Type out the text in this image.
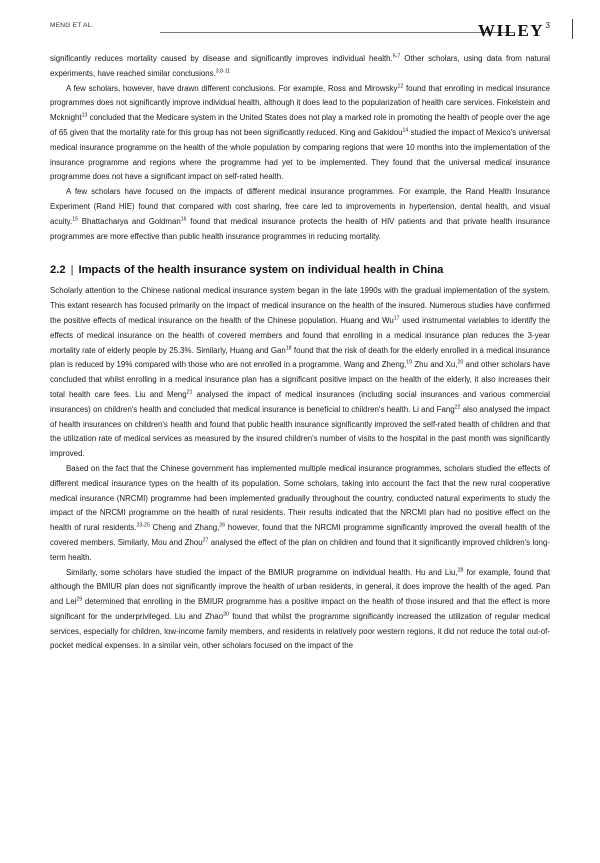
MENG ET AL.	WILEY 3

significantly reduces mortality caused by disease and significantly improves individual health.$^{5-7}$ Other scholars, using data from natural experiments, have reached similar conclusions.$^{3,8-11}$

A few scholars, however, have drawn different conclusions. For example, Ross and Mirowsky$^{12}$ found that enrolling in medical insurance programmes does not significantly improve individual health, although it does lead to the popularization of health care services. Finkelstein and Mcknight$^{13}$ concluded that the Medicare system in the United States does not play a marked role in promoting the health of people over the age of 65 given that the mortality rate for this group has not been significantly reduced. King and Gakidou$^{14}$ studied the impact of Mexico's universal medical insurance programme on the health of the whole population by comparing regions that were 10 months into the implementation of the insurance programme and regions where the programme had yet to be implemented. They found that the universal medical insurance programme does not have a significant impact on self-rated health.

A few scholars have focused on the impacts of different medical insurance programmes. For example, the Rand Health Insurance Experiment (Rand HIE) found that compared with cost sharing, free care led to improvements in hypertension, dental health, and visual acuity.$^{15}$ Bhattacharya and Goldman$^{16}$ found that medical insurance protects the health of HIV patients and that private health insurance programmes are more effective than public health insurance programmes in reducing mortality.

2.2 | Impacts of the health insurance system on individual health in China

Scholarly attention to the Chinese national medical insurance system began in the late 1990s with the gradual implementation of the system. This extant research has focused primarily on the impact of medical insurance on the health of the insured. Numerous studies have confirmed the positive effects of medical insurance on the health of the Chinese population. Huang and Wu$^{17}$ used instrumental variables to identify the effects of medical insurance on the health of covered members and found that enrolling in a medical insurance plan reduces the 3-year mortality rate of elderly people by 25.3%. Similarly, Huang and Gan$^{18}$ found that the risk of death for the elderly enrolled in a medical insurance plan is reduced by 19% compared with those who are not enrolled in a programme. Wang and Zheng,$^{19}$ Zhu and Xu,$^{20}$ and other scholars have concluded that whilst enrolling in a medical insurance plan has a significant positive impact on the health of the elderly, it also increases their total health care fees. Liu and Meng$^{21}$ analysed the impact of medical insurances (including social insurances and various commercial insurances) on children's health and concluded that medical insurance is beneficial to children's health. Li and Fang$^{22}$ also analysed the impact of health insurances on children's health and found that public health insurance significantly improved the self-rated health of children and that the utilization rate of medical services as measured by the insured children's number of visits to the hospital in the past month was significantly improved.

Based on the fact that the Chinese government has implemented multiple medical insurance programmes, scholars studied the effects of different medical insurance types on the health of its population. Some scholars, taking into account the fact that the new rural cooperative medical insurance (NRCMI) programme had been implemented gradually throughout the country, conducted natural experiments to study the impact of the NRCMI programme on the health of rural residents. Their results indicated that the NRCMI plan had no positive effect on the health of rural residents.$^{23-25}$ Cheng and Zhang,$^{26}$ however, found that the NRCMI programme significantly improved the overall health of the covered members. Similarly, Mou and Zhou$^{27}$ analysed the effect of the plan on children and found that it significantly improved children's long-term health.

Similarly, some scholars have studied the impact of the BMIUR programme on individual health. Hu and Liu,$^{28}$ for example, found that although the BMIUR plan does not significantly improve the health of urban residents, in general, it does improve the health of the aged. Pan and Lei$^{29}$ determined that enrolling in the BMIUR programme has a positive impact on the health of those insured and that the effect is more significant for the underprivileged. Liu and Zhao$^{30}$ found that whilst the programme significantly increased the utilization of regular medical services, especially for children, low-income family members, and residents in relatively poor western regions, it did not reduce the total out-of-pocket medical expenses. In a similar vein, other scholars focused on the impact of the
